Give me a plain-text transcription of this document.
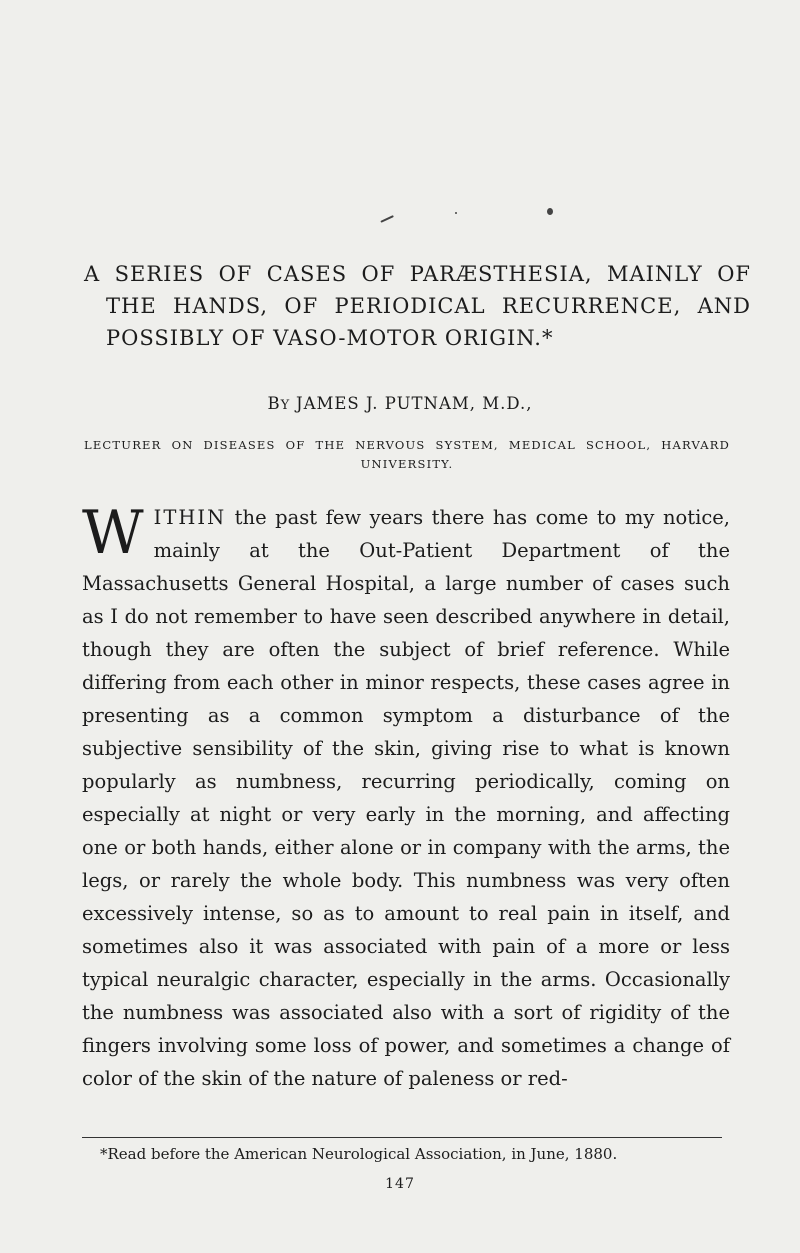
A SERIES OF CASES OF PARÆSTHESIA, MAINLY OF THE HANDS, OF PERIODICAL RECURRENCE, AND POSSIBLY OF VASO-MOTOR ORIGIN.*
BY JAMES J. PUTNAM, M.D.,
LECTURER ON DISEASES OF THE NERVOUS SYSTEM, MEDICAL SCHOOL, HARVARD UNIVERSITY.

WITHIN the past few years there has come to my notice, mainly at the Out-Patient Department of the Massachusetts General Hospital, a large number of cases such as I do not remember to have seen described anywhere in detail, though they are often the subject of brief reference. While differing from each other in minor respects, these cases agree in presenting as a common symptom a disturbance of the subjective sensibility of the skin, giving rise to what is known popularly as numbness, recurring periodically, coming on especially at night or very early in the morning, and affecting one or both hands, either alone or in company with the arms, the legs, or rarely the whole body. This numbness was very often excessively intense, so as to amount to real pain in itself, and sometimes also it was associated with pain of a more or less typical neuralgic character, especially in the arms. Occasionally the numbness was associated also with a sort of rigidity of the fingers involving some loss of power, and sometimes a change of color of the skin of the nature of paleness or red-

*Read before the American Neurological Association, in June, 1880.
147
